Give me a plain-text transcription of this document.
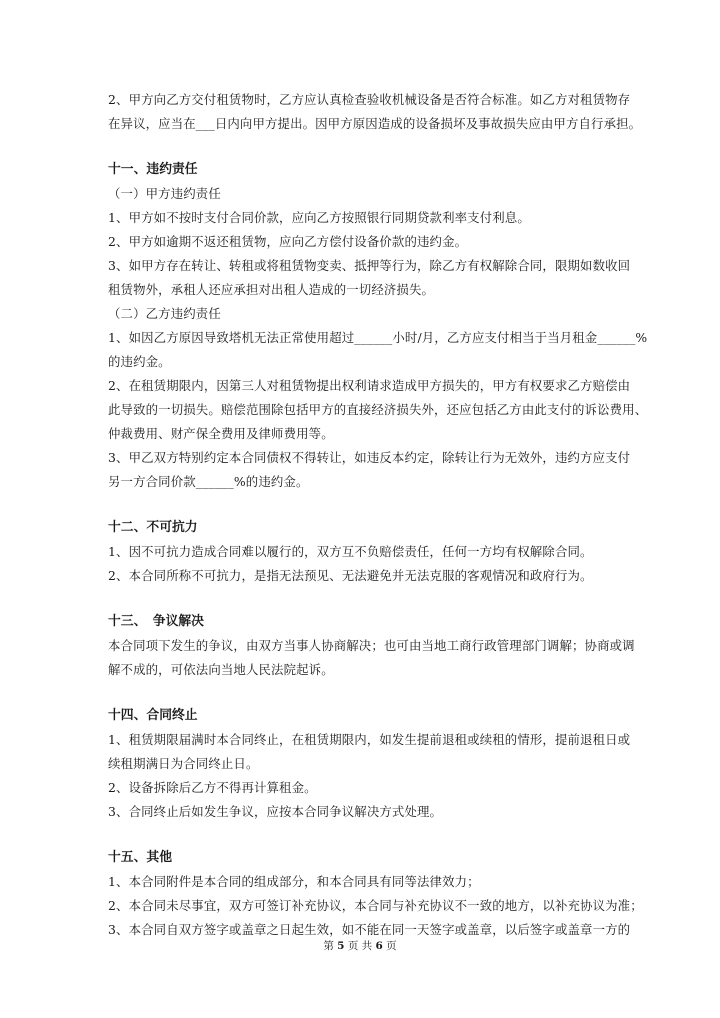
2、甲方向乙方交付租赁物时，乙方应认真检查验收机械设备是否符合标准。如乙方对租赁物存

在异议，应当在___日内向甲方提出。因甲方原因造成的设备损坏及事故损失应由甲方自行承担。

十一、违约责任

（一）甲方违约责任

1、甲方如不按时支付合同价款，应向乙方按照银行同期贷款利率支付利息。

2、甲方如逾期不返还租赁物，应向乙方偿付设备价款的违约金。

3、如甲方存在转让、转租或将租赁物变卖、抵押等行为，除乙方有权解除合同，限期如数收回

租赁物外，承租人还应承担对出租人造成的一切经济损失。

（二）乙方违约责任

1、如因乙方原因导致塔机无法正常使用超过______小时/月，乙方应支付相当于当月租金______%

的违约金。

2、在租赁期限内，因第三人对租赁物提出权利请求造成甲方损失的，甲方有权要求乙方赔偿由

此导致的一切损失。赔偿范围除包括甲方的直接经济损失外，还应包括乙方由此支付的诉讼费用、

仲裁费用、财产保全费用及律师费用等。

3、甲乙双方特别约定本合同债权不得转让，如违反本约定，除转让行为无效外，违约方应支付

另一方合同价款______%的违约金。

十二、不可抗力

1、因不可抗力造成合同难以履行的，双方互不负赔偿责任，任何一方均有权解除合同。

2、本合同所称不可抗力，是指无法预见、无法避免并无法克服的客观情况和政府行为。

十三、　争议解决

本合同项下发生的争议，由双方当事人协商解决；也可由当地工商行政管理部门调解；协商或调

解不成的，可依法向当地人民法院起诉。

十四、合同终止

1、租赁期限届满时本合同终止，在租赁期限内，如发生提前退租或续租的情形，提前退租日或

续租期满日为合同终止日。

2、设备拆除后乙方不得再计算租金。

3、合同终止后如发生争议，应按本合同争议解决方式处理。

十五、其他

1、本合同附件是本合同的组成部分，和本合同具有同等法律效力；

2、本合同未尽事宜，双方可签订补充协议，本合同与补充协议不一致的地方，以补充协议为准；

3、本合同自双方签字或盖章之日起生效，如不能在同一天签字或盖章，以后签字或盖章一方的

第 5 页 共 6 页
